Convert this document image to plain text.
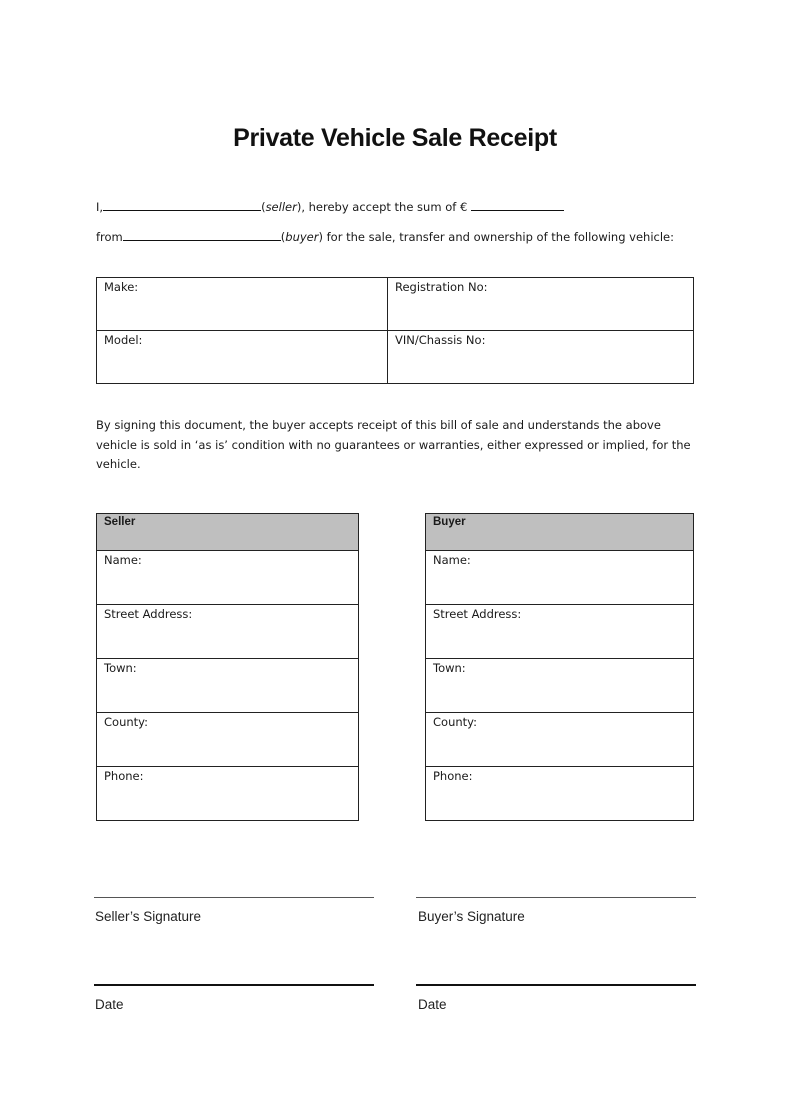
Private Vehicle Sale Receipt
I,	(seller), hereby accept the sum of €
from	(buyer) for the sale, transfer and ownership of the following vehicle:
Make:	Registration No:
Model:	VIN/Chassis No:
By signing this document, the buyer accepts receipt of this bill of sale and understands the above vehicle is sold in ‘as is’ condition with no guarantees or warranties, either expressed or implied, for the vehicle.
Seller
Name:
Street Address:
Town:
County:
Phone:
Buyer
Name:
Street Address:
Town:
County:
Phone:
Seller’s Signature	Buyer’s Signature
Date	Date
